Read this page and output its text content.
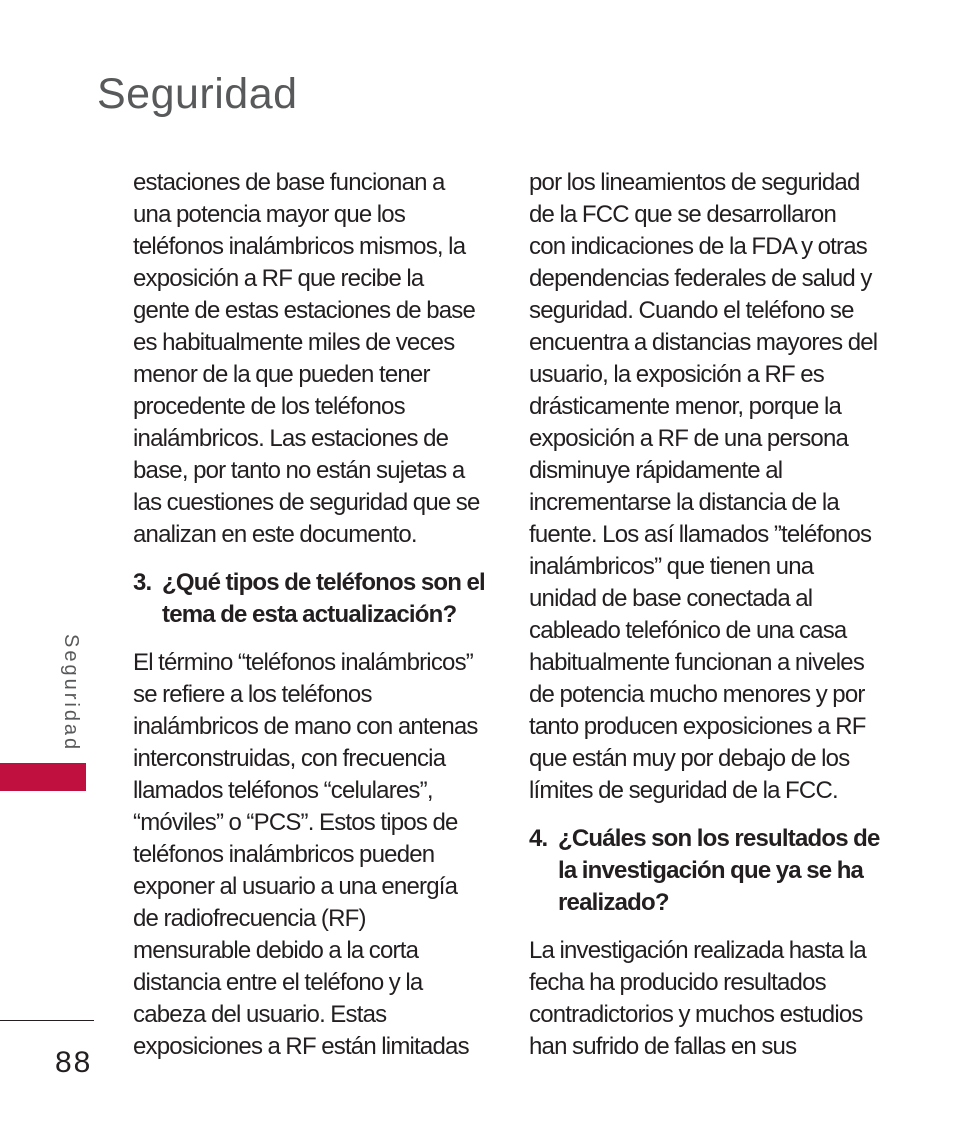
Seguridad
estaciones de base funcionan a
una potencia mayor que los
teléfonos inalámbricos mismos, la
exposición a RF que recibe la
gente de estas estaciones de base
es habitualmente miles de veces
menor de la que pueden tener
procedente de los teléfonos
inalámbricos. Las estaciones de
base, por tanto no están sujetas a
las cuestiones de seguridad que se
analizan en este documento.
3. ¿Qué tipos de teléfonos son el
tema de esta actualización?
El término “teléfonos inalámbricos”
se refiere a los teléfonos
inalámbricos de mano con antenas
interconstruidas, con frecuencia
llamados teléfonos “celulares”,
“móviles” o “PCS”. Estos tipos de
teléfonos inalámbricos pueden
exponer al usuario a una energía
de radiofrecuencia (RF)
mensurable debido a la corta
distancia entre el teléfono y la
cabeza del usuario. Estas
exposiciones a RF están limitadas
por los lineamientos de seguridad
de la FCC que se desarrollaron
con indicaciones de la FDA y otras
dependencias federales de salud y
seguridad. Cuando el teléfono se
encuentra a distancias mayores del
usuario, la exposición a RF es
drásticamente menor, porque la
exposición a RF de una persona
disminuye rápidamente al
incrementarse la distancia de la
fuente. Los así llamados ”teléfonos
inalámbricos” que tienen una
unidad de base conectada al
cableado telefónico de una casa
habitualmente funcionan a niveles
de potencia mucho menores y por
tanto producen exposiciones a RF
que están muy por debajo de los
límites de seguridad de la FCC.
4. ¿Cuáles son los resultados de
la investigación que ya se ha
realizado?
La investigación realizada hasta la
fecha ha producido resultados
contradictorios y muchos estudios
han sufrido de fallas en sus
Seguridad
88
